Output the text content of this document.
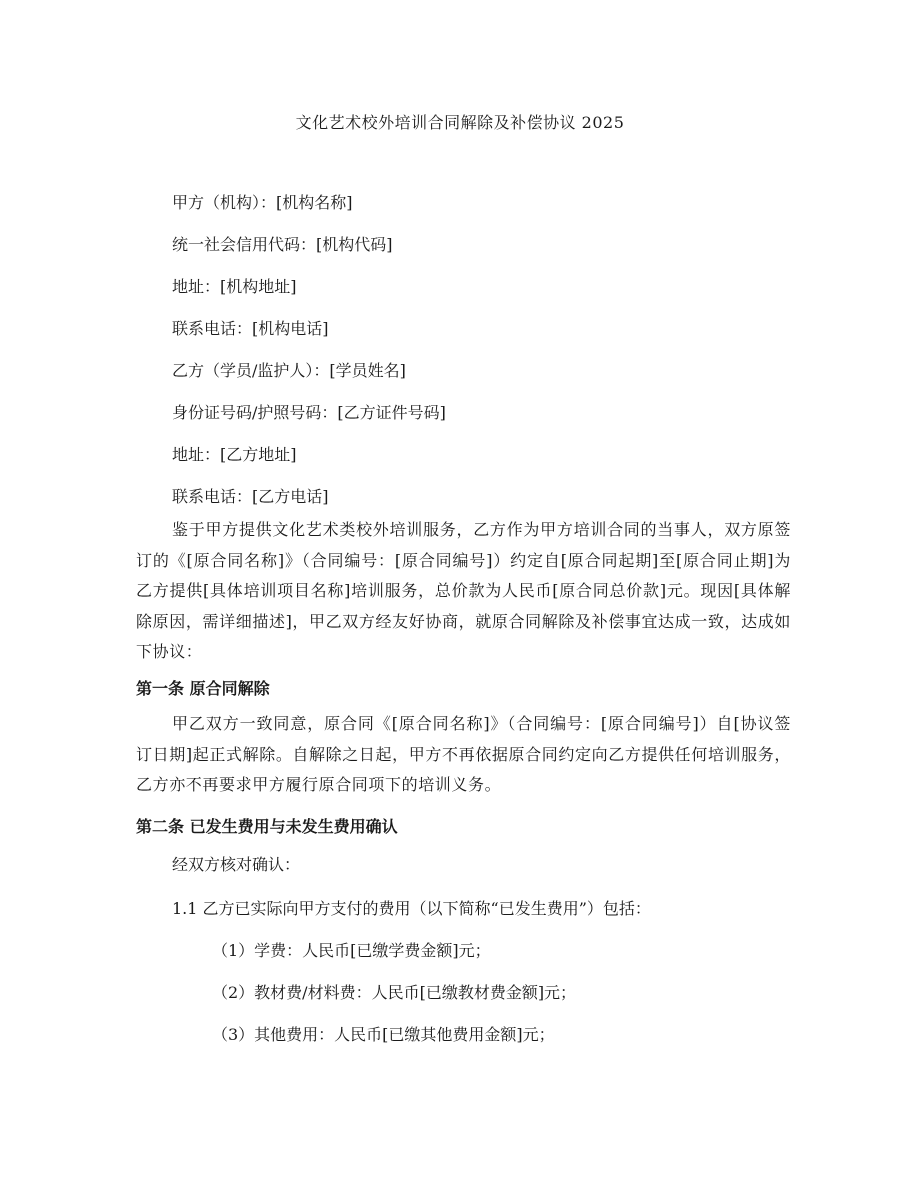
文化艺术校外培训合同解除及补偿协议 2025
甲方（机构）：[机构名称]
统一社会信用代码：[机构代码]
地址：[机构地址]
联系电话：[机构电话]
乙方（学员/监护人）：[学员姓名]
身份证号码/护照号码：[乙方证件号码]
地址：[乙方地址]
联系电话：[乙方电话]
鉴于甲方提供文化艺术类校外培训服务，乙方作为甲方培训合同的当事人，双方原签订的《[原合同名称]》（合同编号：[原合同编号]）约定自[原合同起期]至[原合同止期]为乙方提供[具体培训项目名称]培训服务，总价款为人民币[原合同总价款]元。现因[具体解除原因，需详细描述]，甲乙双方经友好协商，就原合同解除及补偿事宜达成一致，达成如下协议：
第一条 原合同解除
甲乙双方一致同意，原合同《[原合同名称]》（合同编号：[原合同编号]）自[协议签订日期]起正式解除。自解除之日起，甲方不再依据原合同约定向乙方提供任何培训服务，乙方亦不再要求甲方履行原合同项下的培训义务。
第二条 已发生费用与未发生费用确认
经双方核对确认：
1.1 乙方已实际向甲方支付的费用（以下简称“已发生费用”）包括：
（1）学费：人民币[已缴学费金额]元；
（2）教材费/材料费：人民币[已缴教材费金额]元；
（3）其他费用：人民币[已缴其他费用金额]元；
